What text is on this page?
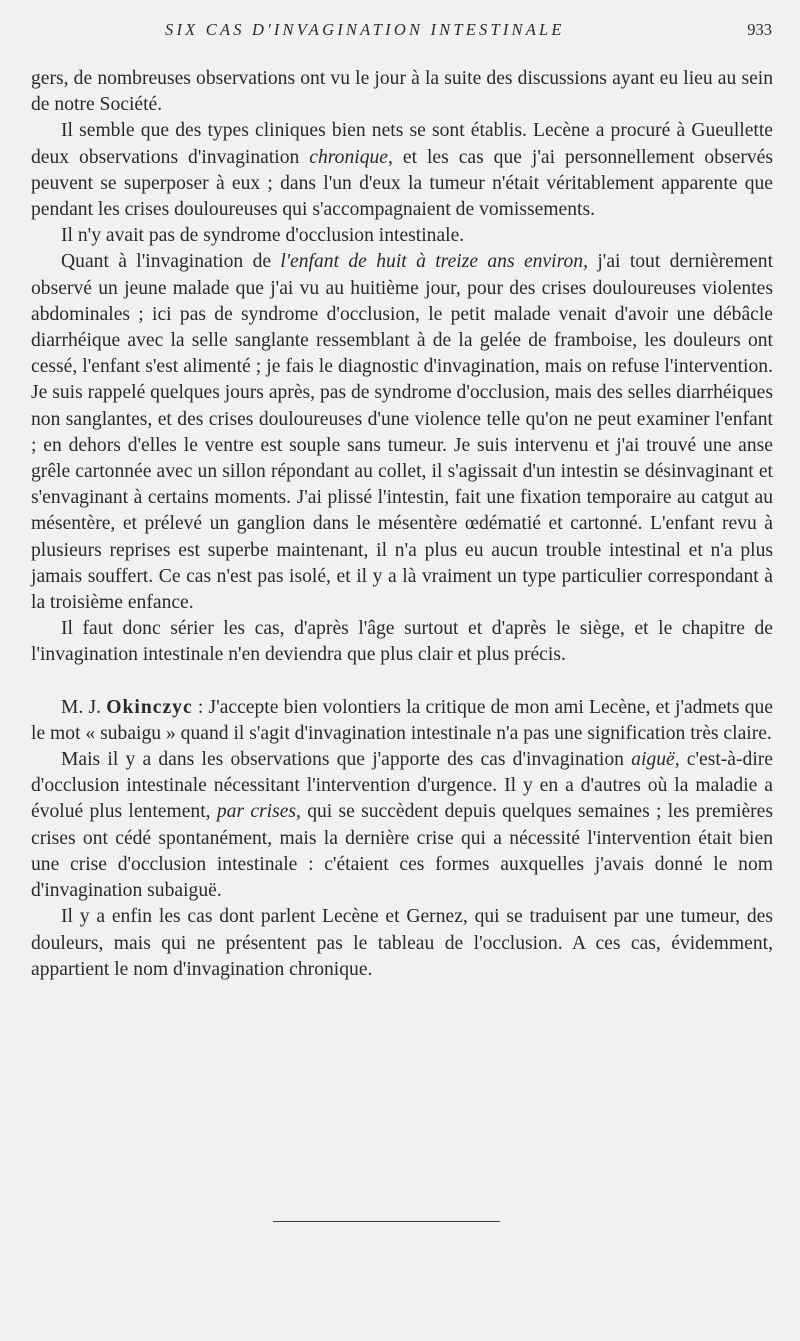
SIX CAS D'INVAGINATION INTESTINALE	933

gers, de nombreuses observations ont vu le jour à la suite des discussions ayant eu lieu au sein de notre Société.

Il semble que des types cliniques bien nets se sont établis. Lecène a procuré à Gueullette deux observations d'invagination chronique, et les cas que j'ai personnellement observés peuvent se superposer à eux ; dans l'un d'eux la tumeur n'était véritablement apparente que pendant les crises douloureuses qui s'accompagnaient de vomissements.

Il n'y avait pas de syndrome d'occlusion intestinale.

Quant à l'invagination de l'enfant de huit à treize ans environ, j'ai tout dernièrement observé un jeune malade que j'ai vu au huitième jour, pour des crises douloureuses violentes abdominales ; ici pas de syndrome d'occlusion, le petit malade venait d'avoir une débâcle diarrhéique avec la selle sanglante ressemblant à de la gelée de framboise, les douleurs ont cessé, l'enfant s'est alimenté ; je fais le diagnostic d'invagination, mais on refuse l'intervention. Je suis rappelé quelques jours après, pas de syndrome d'occlusion, mais des selles diarrhéiques non sanglantes, et des crises douloureuses d'une violence telle qu'on ne peut examiner l'enfant ; en dehors d'elles le ventre est souple sans tumeur. Je suis intervenu et j'ai trouvé une anse grêle cartonnée avec un sillon répondant au collet, il s'agissait d'un intestin se désinvaginant et s'envaginant à certains moments. J'ai plissé l'intestin, fait une fixation temporaire au catgut au mésentère, et prélevé un ganglion dans le mésentère œdématié et cartonné. L'enfant revu à plusieurs reprises est superbe maintenant, il n'a plus eu aucun trouble intestinal et n'a plus jamais souffert. Ce cas n'est pas isolé, et il y a là vraiment un type particulier correspondant à la troisième enfance.

Il faut donc sérier les cas, d'après l'âge surtout et d'après le siège, et le chapitre de l'invagination intestinale n'en deviendra que plus clair et plus précis.

M. J. Okinczyc : J'accepte bien volontiers la critique de mon ami Lecène, et j'admets que le mot « subaigu » quand il s'agit d'invagination intestinale n'a pas une signification très claire.

Mais il y a dans les observations que j'apporte des cas d'invagination aiguë, c'est-à-dire d'occlusion intestinale nécessitant l'intervention d'urgence. Il y en a d'autres où la maladie a évolué plus lentement, par crises, qui se succèdent depuis quelques semaines ; les premières crises ont cédé spontanément, mais la dernière crise qui a nécessité l'intervention était bien une crise d'occlusion intestinale : c'étaient ces formes auxquelles j'avais donné le nom d'invagination subaiguë.

Il y a enfin les cas dont parlent Lecène et Gernez, qui se traduisent par une tumeur, des douleurs, mais qui ne présentent pas le tableau de l'occlusion. A ces cas, évidemment, appartient le nom d'invagination chronique.
